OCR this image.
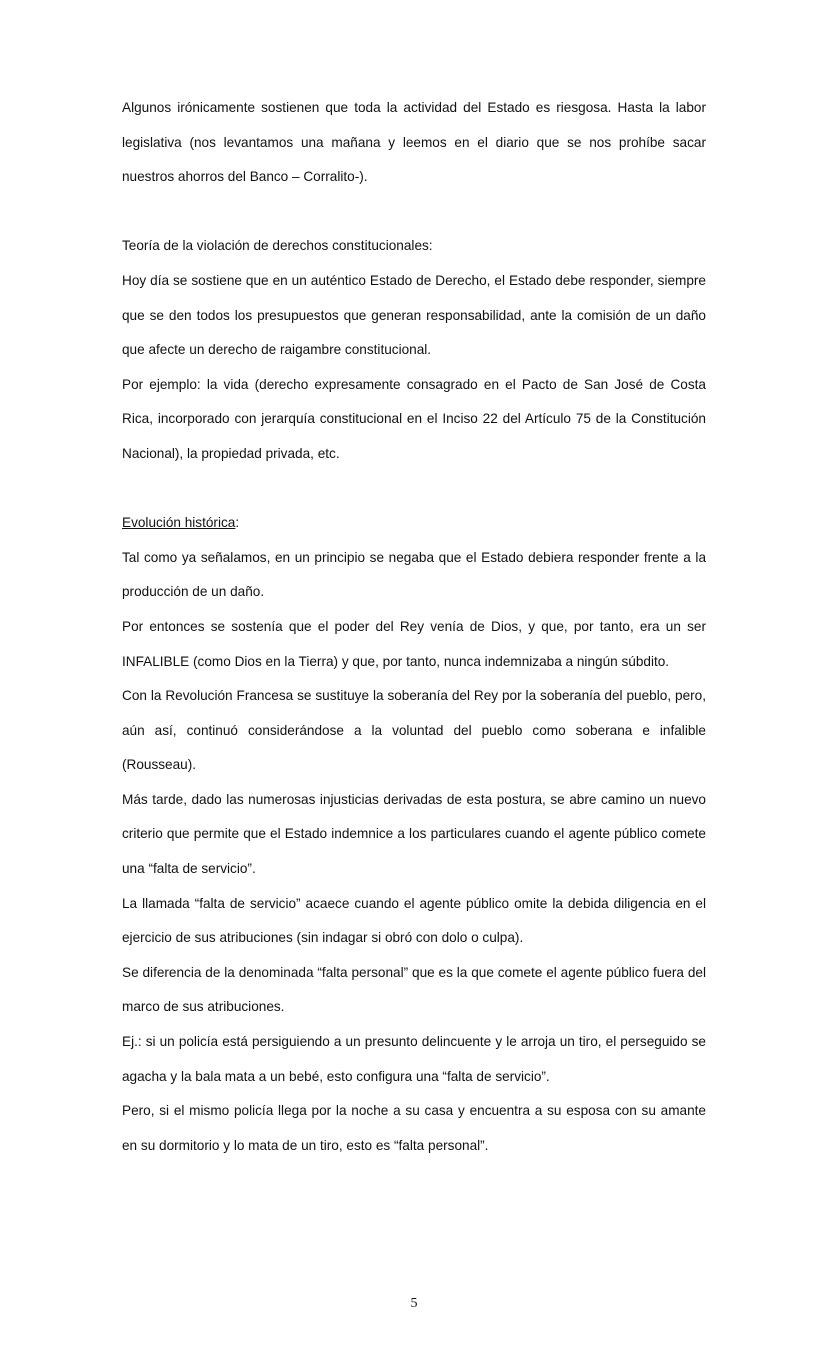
Algunos irónicamente sostienen que toda la actividad del Estado es riesgosa. Hasta la labor legislativa (nos levantamos una mañana y leemos en el diario que se nos prohíbe sacar nuestros ahorros del Banco – Corralito-).

Teoría de la violación de derechos constitucionales:

Hoy día se sostiene que en un auténtico Estado de Derecho, el Estado debe responder, siempre que se den todos los presupuestos que generan responsabilidad, ante la comisión de un daño que afecte un derecho de raigambre constitucional.

Por ejemplo: la vida (derecho expresamente consagrado en el Pacto de San José de Costa Rica, incorporado con jerarquía constitucional en el Inciso 22 del Artículo 75 de la Constitución Nacional), la propiedad privada, etc.

Evolución histórica:

Tal como ya señalamos, en un principio se negaba que el Estado debiera responder frente a la producción de un daño.

Por entonces se sostenía que el poder del Rey venía de Dios, y que, por tanto, era un ser INFALIBLE (como Dios en la Tierra) y que, por tanto, nunca indemnizaba a ningún súbdito.

Con la Revolución Francesa se sustituye la soberanía del Rey por la soberanía del pueblo, pero, aún así, continuó considerándose a la voluntad del pueblo como soberana e infalible (Rousseau).

Más tarde, dado las numerosas injusticias derivadas de esta postura, se abre camino un nuevo criterio que permite que el Estado indemnice a los particulares cuando el agente público comete una “falta de servicio”.

La llamada “falta de servicio” acaece cuando el agente público omite la debida diligencia en el ejercicio de sus atribuciones (sin indagar si obró con dolo o culpa).

Se diferencia de la denominada “falta personal” que es la que comete el agente público fuera del marco de sus atribuciones.

Ej.: si un policía está persiguiendo a un presunto delincuente y le arroja un tiro, el perseguido se agacha y la bala mata a un bebé, esto configura una “falta de servicio”.

Pero, si el mismo policía llega por la noche a su casa y encuentra a su esposa con su amante en su dormitorio y lo mata de un tiro, esto es “falta personal”.

5
